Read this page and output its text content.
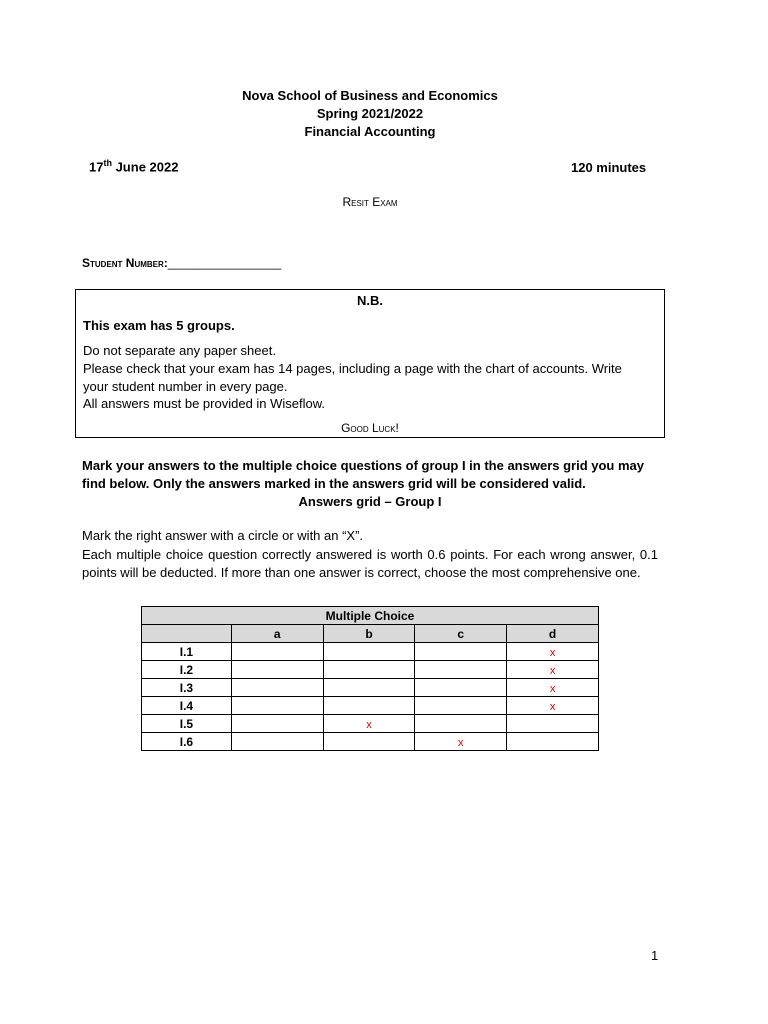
Nova School of Business and Economics
Spring 2021/2022
Financial Accounting
17th June 2022	120 minutes
Resit Exam
Student Number:_________________
N.B.
This exam has 5 groups.
Do not separate any paper sheet.
Please check that your exam has 14 pages, including a page with the chart of accounts. Write
your student number in every page.
All answers must be provided in Wiseflow.
Good Luck!
Mark your answers to the multiple choice questions of group I in the answers grid you may
find below. Only the answers marked in the answers grid will be considered valid.
Answers grid – Group I
Mark the right answer with a circle or with an “X”.
Each multiple choice question correctly answered is worth 0.6 points. For each wrong answer, 0.1 points will be deducted. If more than one answer is correct, choose the most comprehensive one.
Multiple Choice				
	a	b	c	d
I.1				x
I.2				x
I.3				x
I.4				x
I.5		x		
I.6			x	
1
